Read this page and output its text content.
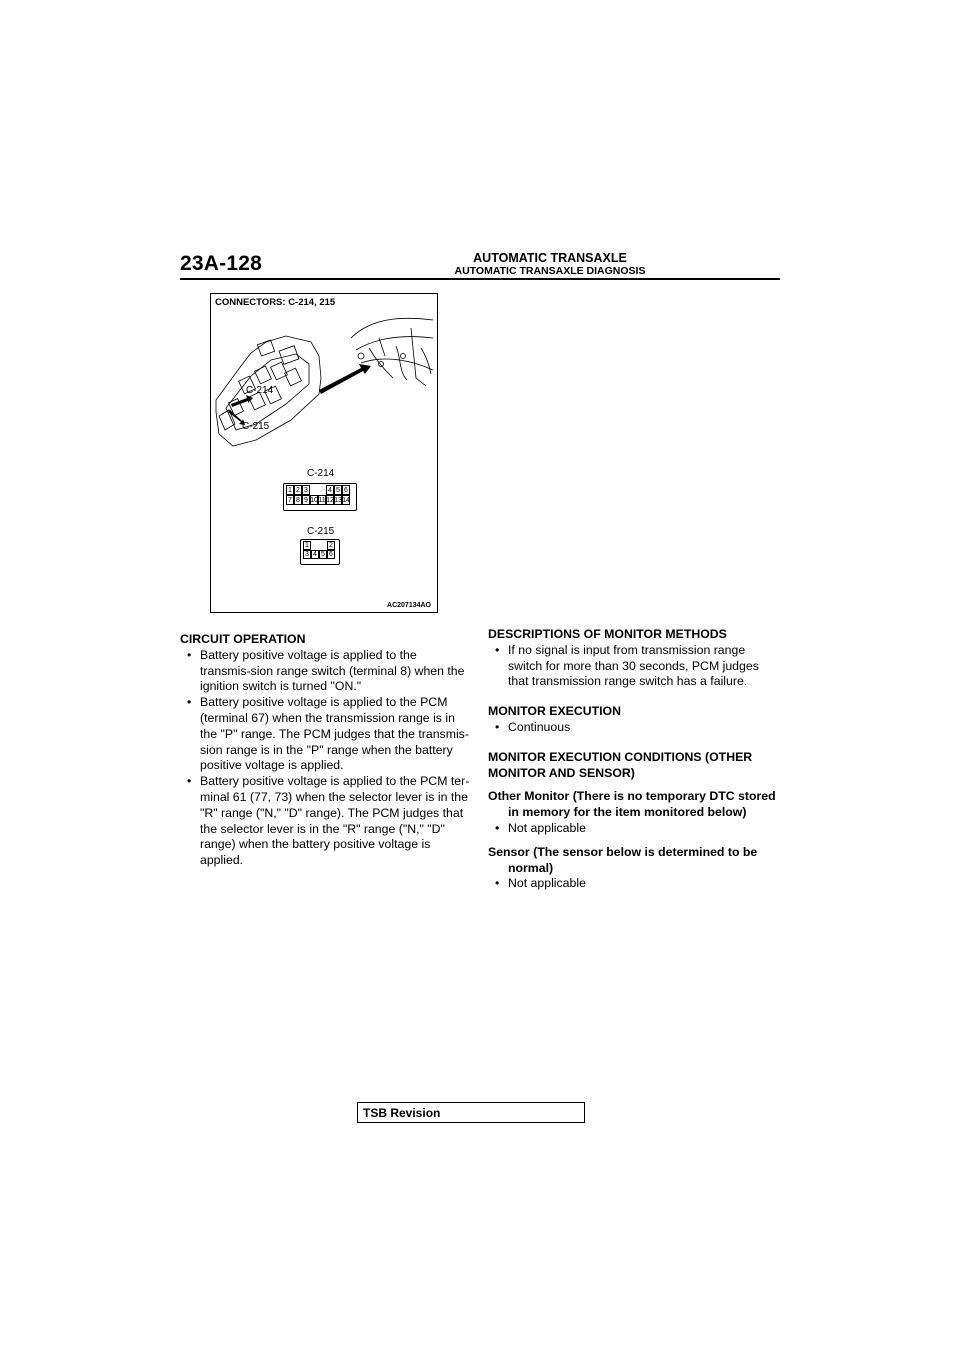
23A-128	AUTOMATIC TRANSAXLE
AUTOMATIC TRANSAXLE DIAGNOSIS
CONNECTORS: C-214, 215
C-214
C-215
C-214
1 2 3	4 5 6
7 8 9 10 11 12 13 14
C-215
1	2
3 4 5 6
AC207134AO
CIRCUIT OPERATION
• Battery positive voltage is applied to the transmis-sion range switch (terminal 8) when the ignition switch is turned "ON."
• Battery positive voltage is applied to the PCM (terminal 67) when the transmission range is in the "P" range. The PCM judges that the transmis-sion range is in the "P" range when the battery positive voltage is applied.
• Battery positive voltage is applied to the PCM ter-minal 61 (77, 73) when the selector lever is in the "R" range ("N," "D" range). The PCM judges that the selector lever is in the "R" range ("N," "D" range) when the battery positive voltage is applied.
DESCRIPTIONS OF MONITOR METHODS
• If no signal is input from transmission range switch for more than 30 seconds, PCM judges that transmission range switch has a failure.
MONITOR EXECUTION
• Continuous
MONITOR EXECUTION CONDITIONS (OTHER MONITOR AND SENSOR)
Other Monitor (There is no temporary DTC stored in memory for the item monitored below)
• Not applicable
Sensor (The sensor below is determined to be normal)
• Not applicable
TSB Revision
